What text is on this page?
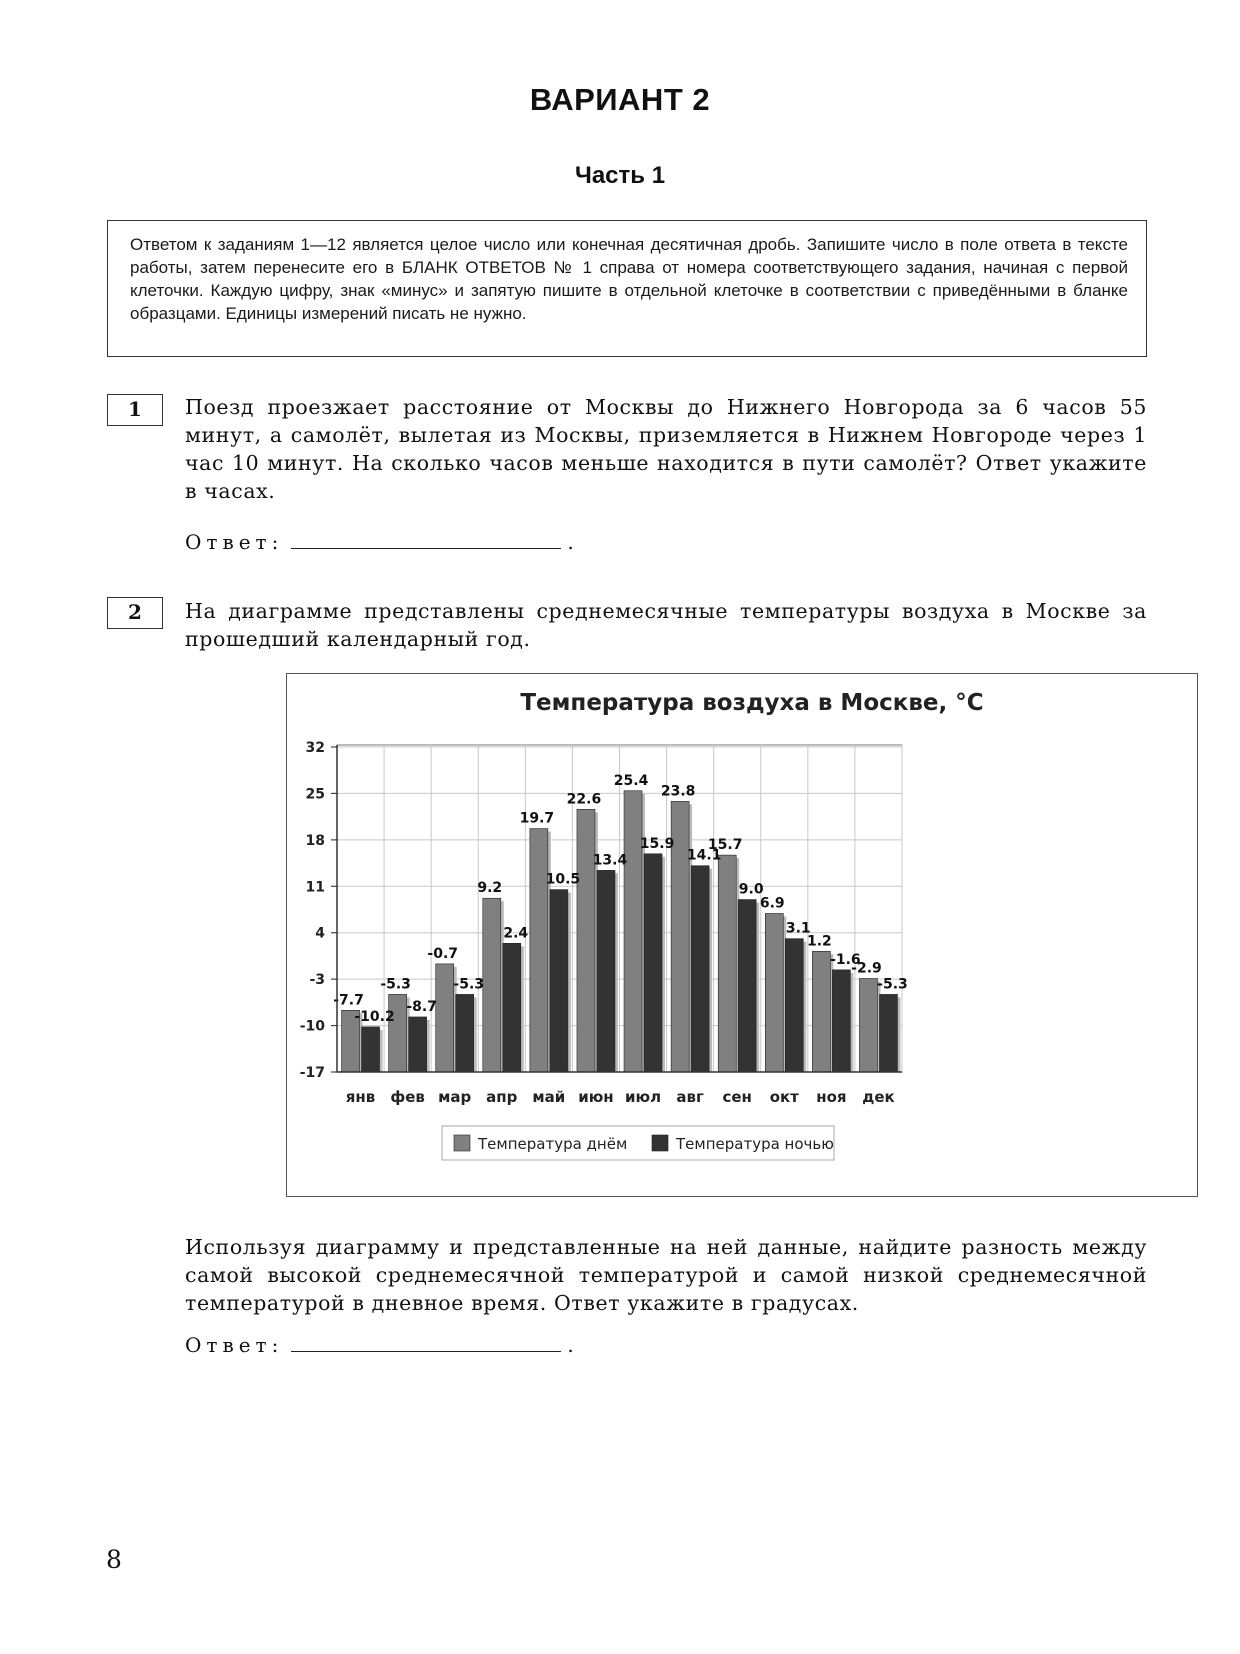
ВАРИАНТ 2
Часть 1
Ответом к заданиям 1—12 является целое число или конечная десятичная дробь. Запишите число в поле ответа в тексте работы, затем перенесите его в БЛАНК ОТВЕТОВ № 1 справа от номера соответствующего задания, начиная с первой клеточки. Каждую цифру, знак «минус» и запятую пишите в отдельной клеточке в соответствии с приведёнными в бланке образцами. Единицы измерений писать не нужно.
1	Поезд проезжает расстояние от Москвы до Нижнего Новгорода за 6 часов 55 минут, а самолёт, вылетая из Москвы, приземляется в Нижнем Новгороде через 1 час 10 минут. На сколько часов меньше находится в пути самолёт? Ответ укажите в часах.
Ответ:	.
2	На диаграмме представлены среднемесячные температуры воздуха в Москве за прошедший календарный год.
Температура воздуха в Москве, °C
-7.7
-10.2
-5.3
-8.7
-0.7
-5.3
9.2
2.4
19.7
10.5
22.6
13.4
25.4
15.9
23.8
14.1
15.7
9.0
6.9
3.1
1.2
-1.6
-2.9
-5.3
32
25
18
11
4
-3
-10
-17
янв фев мар апр май июн июл авг сен окт ноя дек
Температура днём	Температура ночью
Используя диаграмму и представленные на ней данные, найдите разность между самой высокой среднемесячной температурой и самой низкой среднемесячной температурой в дневное время. Ответ укажите в градусах.
Ответ:	.
8
